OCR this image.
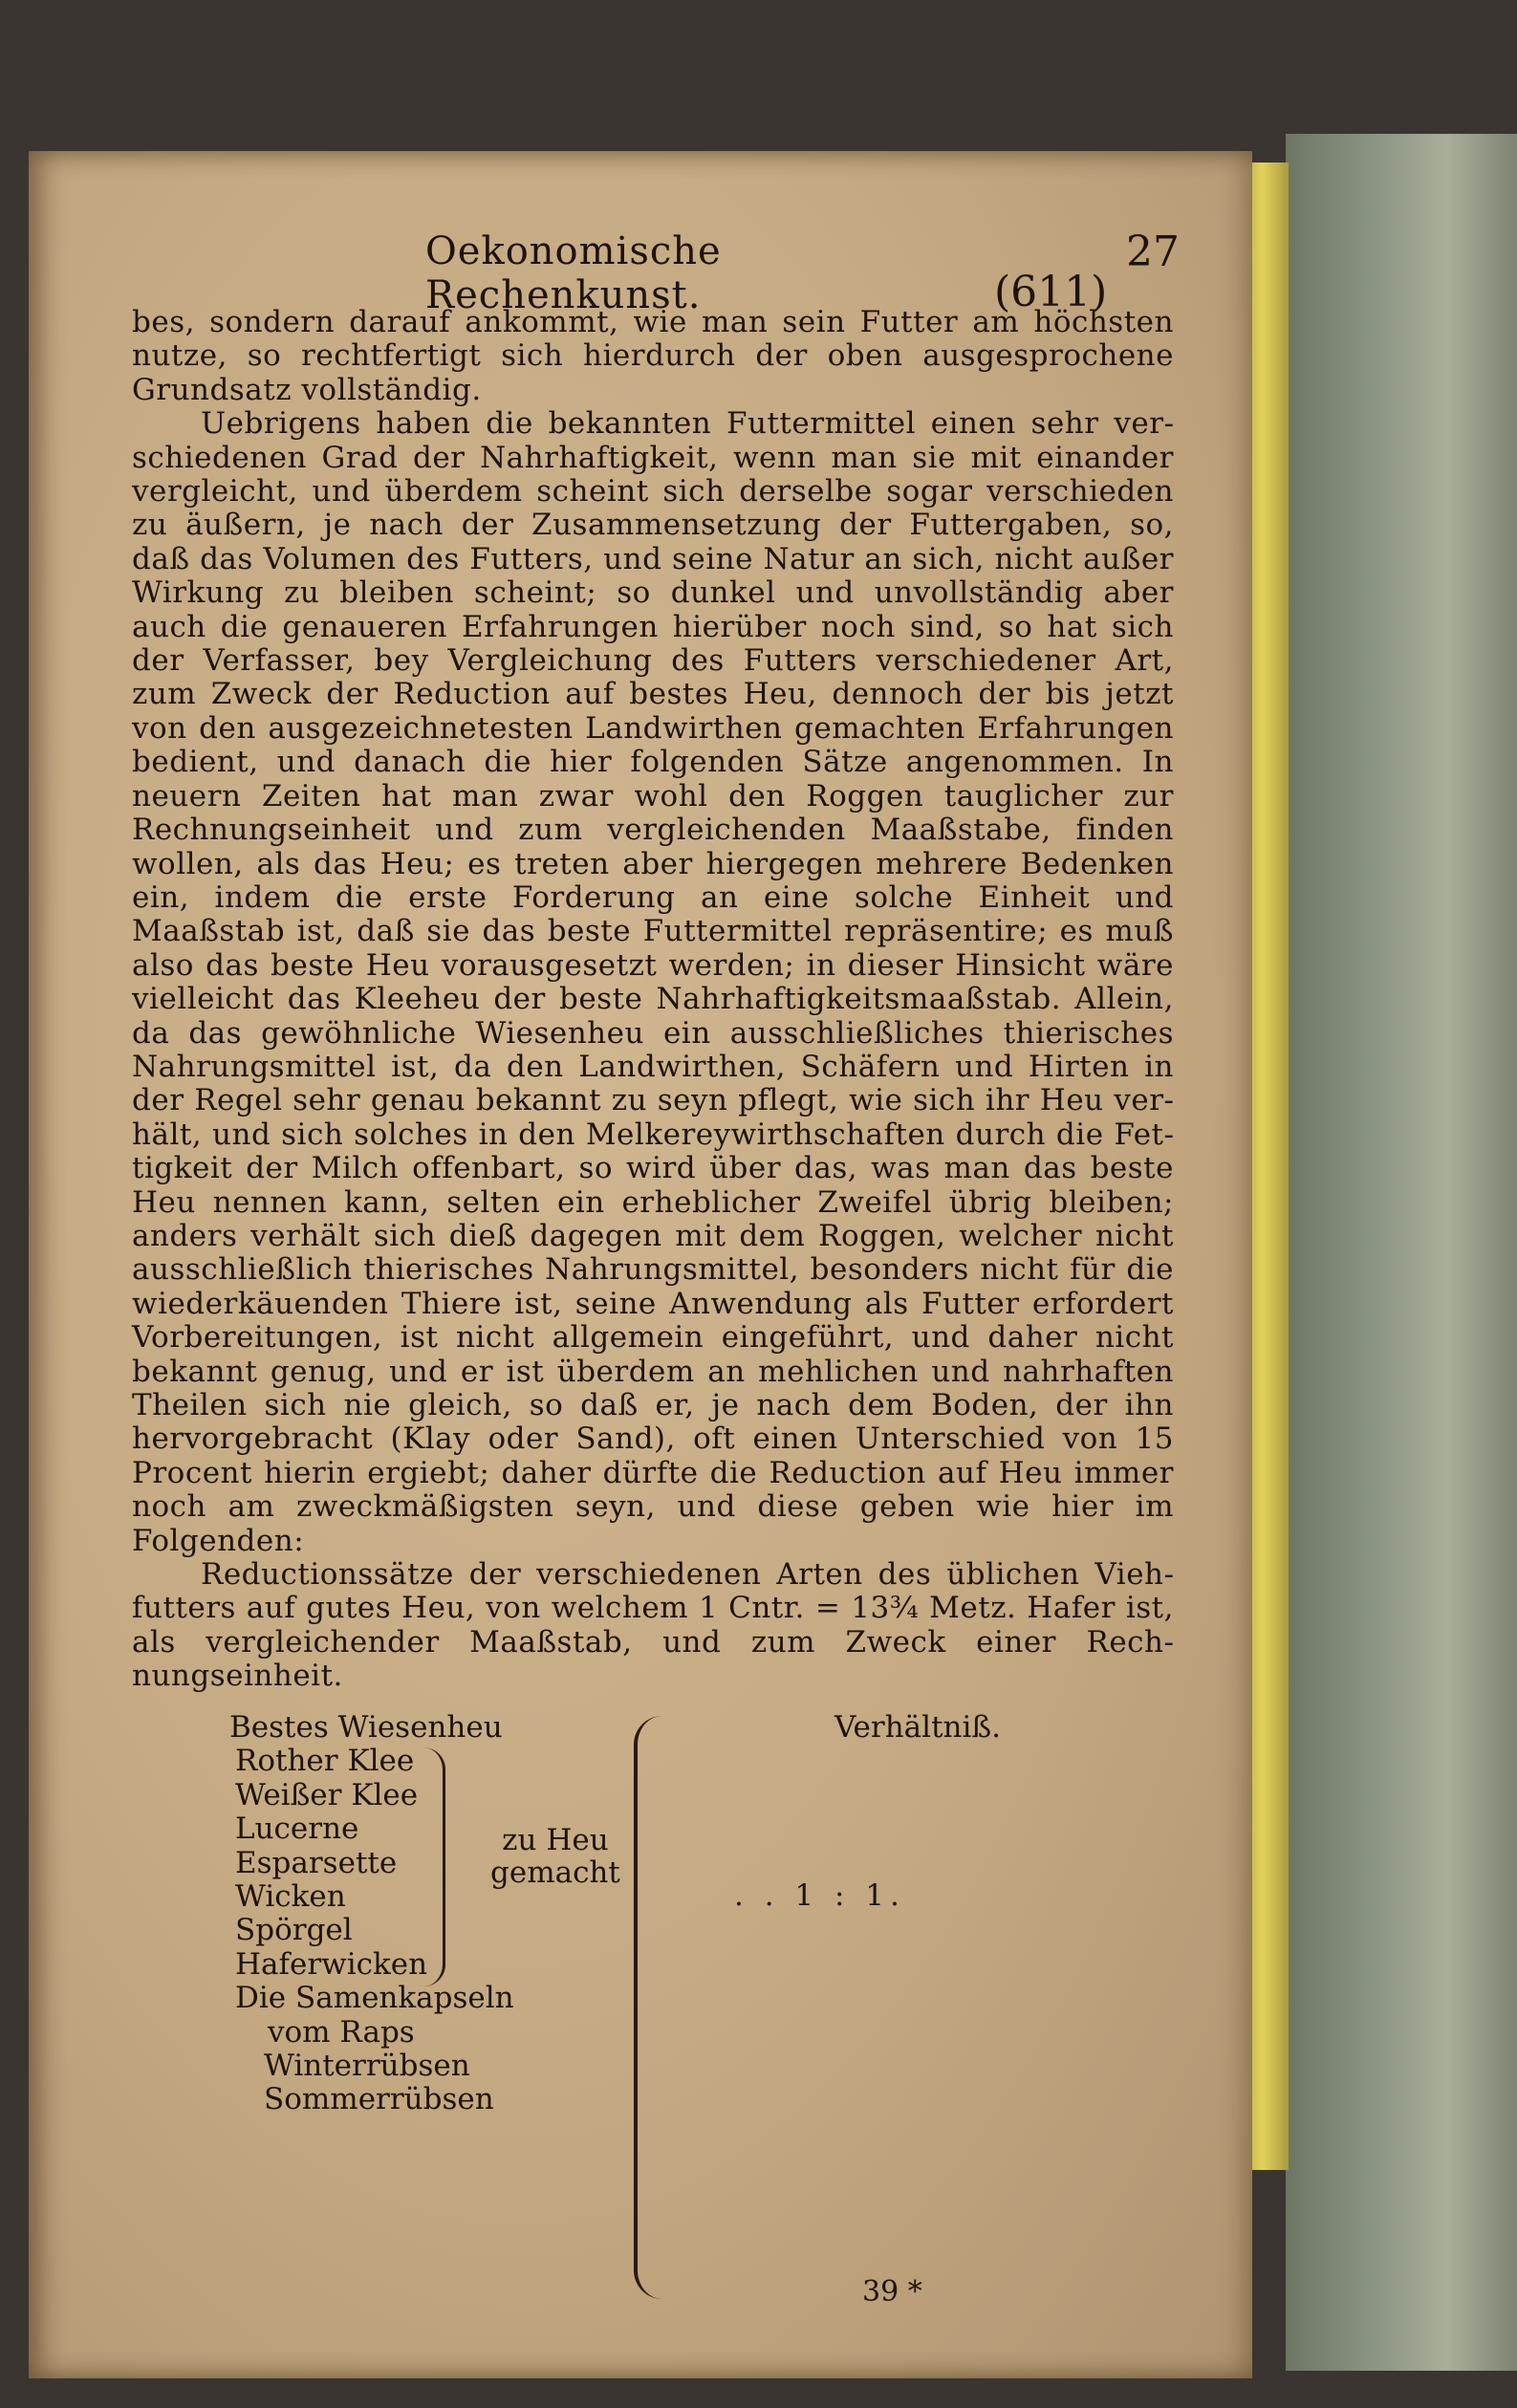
Oekonomische Rechenkunst.
27
(611)

bes, sondern darauf ankommt, wie man sein Futter am höchsten nutze, so rechtfertigt sich hierdurch der oben ausgesprochene Grundsatz vollständig.

Uebrigens haben die bekannten Futtermittel einen sehr verschiedenen Grad der Nahrhaftigkeit, wenn man sie mit einander vergleicht, und überdem scheint sich derselbe sogar verschieden zu äußern, je nach der Zusammensetzung der Futtergaben, so, daß das Volumen des Futters, und seine Natur an sich, nicht außer Wirkung zu bleiben scheint; so dunkel und unvollständig aber auch die genaueren Erfahrungen hierüber noch sind, so hat sich der Verfasser, bey Vergleichung des Futters verschiedener Art, zum Zweck der Reduction auf bestes Heu, dennoch der bis jetzt von den ausgezeichnetesten Landwirthen gemachten Erfahrungen bedient, und danach die hier folgenden Sätze angenommen. In neuern Zeiten hat man zwar wohl den Roggen tauglicher zur Rechnungseinheit und zum vergleichenden Maaßstabe, finden wollen, als das Heu; es treten aber hiergegen mehrere Bedenken ein, indem die erste Forderung an eine solche Einheit und Maaßstab ist, daß sie das beste Futtermittel repräsentire; es muß also das beste Heu vorausgesetzt werden; in dieser Hinsicht wäre vielleicht das Kleeheu der beste Nahrhaftigkeitsmaaßstab. Allein, da das gewöhnliche Wiesenheu ein ausschließliches thierisches Nahrungsmittel ist, da den Landwirthen, Schäfern und Hirten in der Regel sehr genau bekannt zu seyn pflegt, wie sich ihr Heu verhält, und sich solches in den Melkereywirthschaften durch die Fettigkeit der Milch offenbart, so wird über das, was man das beste Heu nennen kann, selten ein erheblicher Zweifel übrig bleiben; anders verhält sich dieß dagegen mit dem Roggen, welcher nicht ausschließlich thierisches Nahrungsmittel, besonders nicht für die wiederkäuenden Thiere ist, seine Anwendung als Futter erfordert Vorbereitungen, ist nicht allgemein eingeführt, und daher nicht bekannt genug, und er ist überdem an mehlichen und nahrhaften Theilen sich nie gleich, so daß er, je nach dem Boden, der ihn hervorgebracht (Klay oder Sand), oft einen Unterschied von 15 Procent hierin ergiebt; daher dürfte die Reduction auf Heu immer noch am zweckmäßigsten seyn, und diese geben wie hier im Folgenden:

Reductionssätze der verschiedenen Arten des üblichen Viehfutters auf gutes Heu, von welchem 1 Cntr. = 13¾ Metz. Hafer ist, als vergleichender Maaßstab, und zum Zweck einer Rechnungseinheit.

Bestes Wiesenheu
Rother Klee
Weißer Klee
Lucerne
Esparsette
Wicken
Spörgel
Haferwicken
Die Samenkapseln
vom Raps
Winterrübsen
Sommerrübsen
zu Heu
gemacht
Verhältniß.
. . 1 : 1.
39 *
